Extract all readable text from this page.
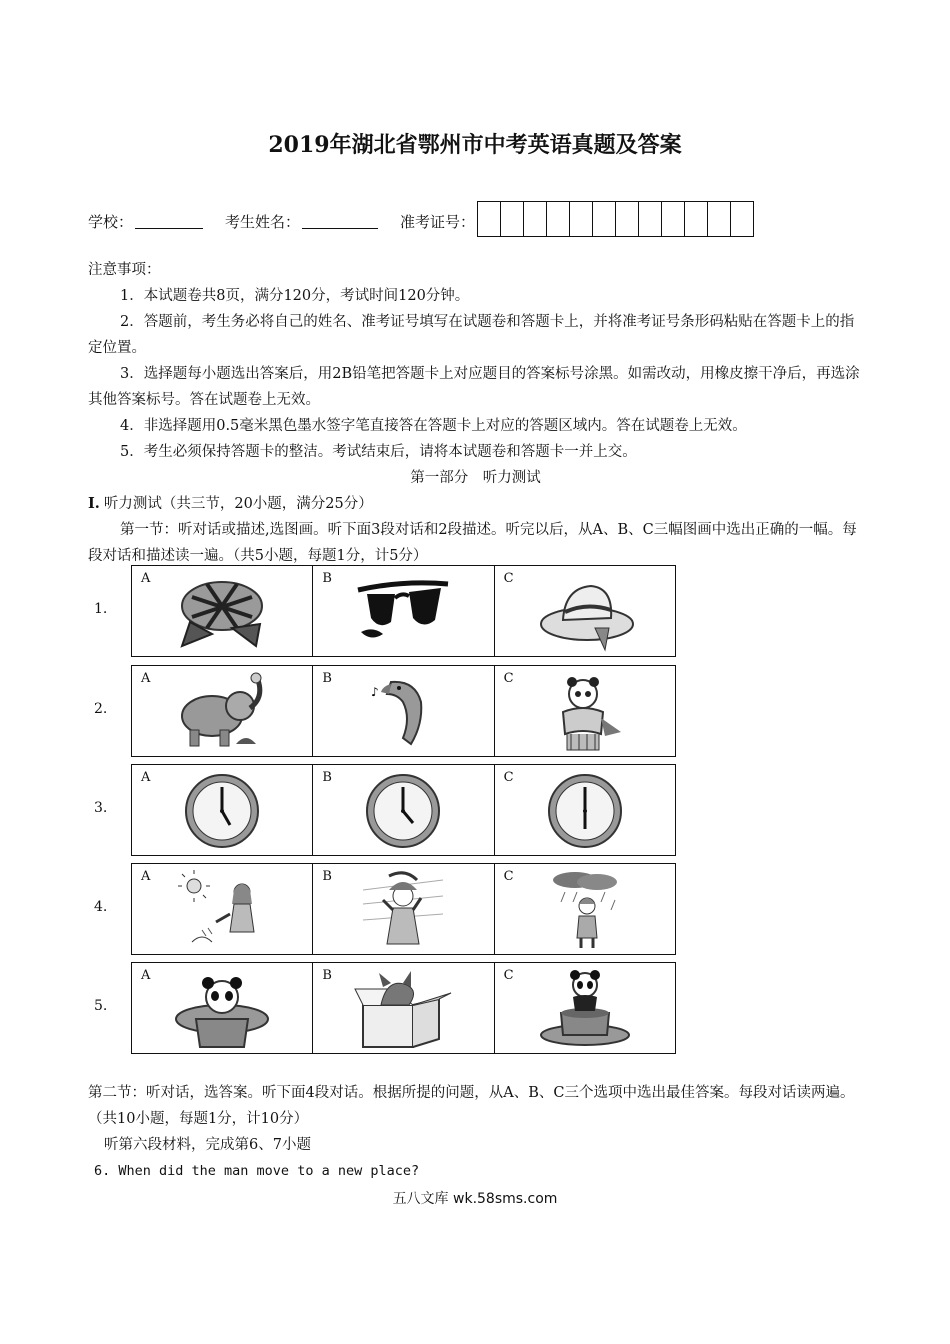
2019年湖北省鄂州市中考英语真题及答案
学校：	考生姓名：	准考证号：

注意事项：

1．本试题卷共8页，满分120分，考试时间120分钟。

2．答题前，考生务必将自己的姓名、准考证号填写在试题卷和答题卡上，并将准考证号条形码粘贴在答题卡上的指定位置。

3．选择题每小题选出答案后，用2B铅笔把答题卡上对应题目的答案标号涂黑。如需改动，用橡皮擦干净后，再选涂其他答案标号。答在试题卷上无效。

4．非选择题用0.5毫米黑色墨水签字笔直接答在答题卡上对应的答题区域内。答在试题卷上无效。

5．考生必须保持答题卡的整洁。考试结束后，请将本试题卷和答题卡一并上交。

第一部分　听力测试

Ⅰ. 听力测试（共三节，20小题，满分25分）

第一节：听对话或描述,选图画。听下面3段对话和2段描述。听完以后，从A、B、C三幅图画中选出正确的一幅。每段对话和描述读一遍。（共5小题，每题1分，计5分）

1.
A	B	C
2.
A	B
♪
C
3.
A	B	C
4.
A	B	C
5.
A	B	C

第二节：听对话，选答案。听下面4段对话。根据所提的问题，从A、B、C三个选项中选出最佳答案。每段对话读两遍。（共10小题，每题1分，计10分）

听第六段材料，完成第6、7小题

6. When did the man move to a new place?

五八文库 wk.58sms.com
